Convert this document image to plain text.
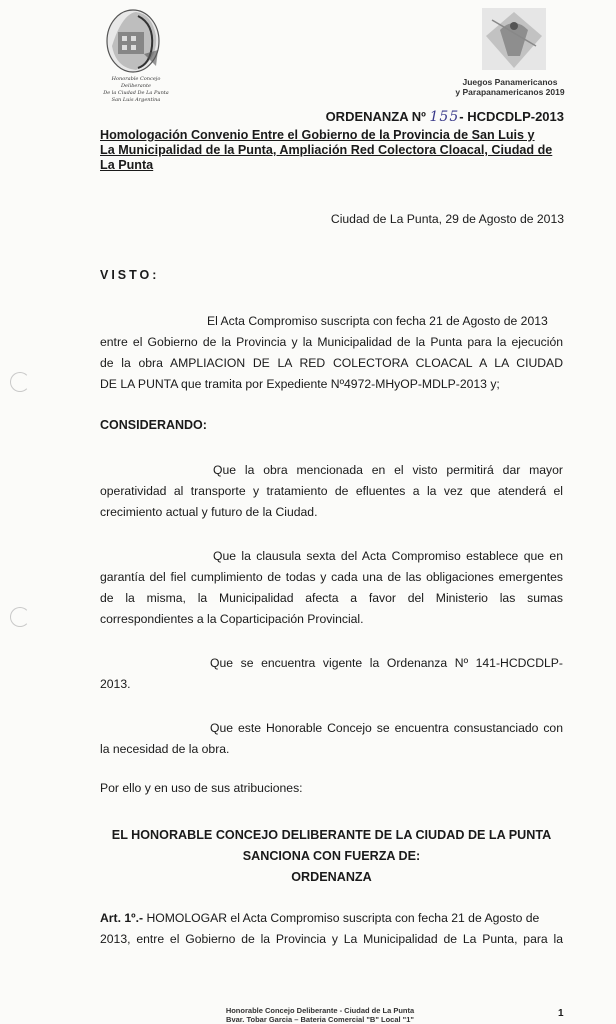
Honorable Concejo Deliberante
De la Ciudad De La Punta
San Luis Argentina
Juegos Panamericanos
y Parapanamericanos 2019
ORDENANZA Nº 155- HCDCDLP-2013
Homologación Convenio Entre el Gobierno de la Provincia de San Luis y
La Municipalidad de la Punta, Ampliación Red Colectora Cloacal, Ciudad de
La Punta
Ciudad de La Punta, 29 de Agosto de 2013
VISTO:
El Acta Compromiso suscripta con fecha 21 de Agosto de 2013
entre el Gobierno de la Provincia y la Municipalidad de la Punta para la ejecución
de la obra AMPLIACION DE LA RED COLECTORA CLOACAL A LA CIUDAD
DE LA PUNTA que tramita por Expediente Nº4972-MHyOP-MDLP-2013 y;
CONSIDERANDO:
Que la obra mencionada en el visto permitirá dar mayor
operatividad al transporte y tratamiento de efluentes a la vez que atenderá el
crecimiento actual y futuro de la Ciudad.
Que la clausula sexta del Acta Compromiso establece que en
garantía del fiel cumplimiento de todas y cada una de las obligaciones emergentes
de la misma, la Municipalidad afecta a favor del Ministerio las sumas
correspondientes a la Coparticipación Provincial.
Que se encuentra vigente la Ordenanza Nº 141-HCDCDLP-
2013.
Que este Honorable Concejo se encuentra consustanciado con
la necesidad de la obra.
Por ello y en uso de sus atribuciones:
EL HONORABLE CONCEJO DELIBERANTE DE LA CIUDAD DE LA PUNTA
SANCIONA CON FUERZA DE:
ORDENANZA
Art. 1º.- HOMOLOGAR el Acta Compromiso suscripta con fecha 21 de Agosto de
2013, entre el Gobierno de la Provincia y La Municipalidad de La Punta, para la
Honorable Concejo Deliberante - Ciudad de La Punta
Bvar. Tobar Garcia – Bateria Comercial "B" Local "1"
1
